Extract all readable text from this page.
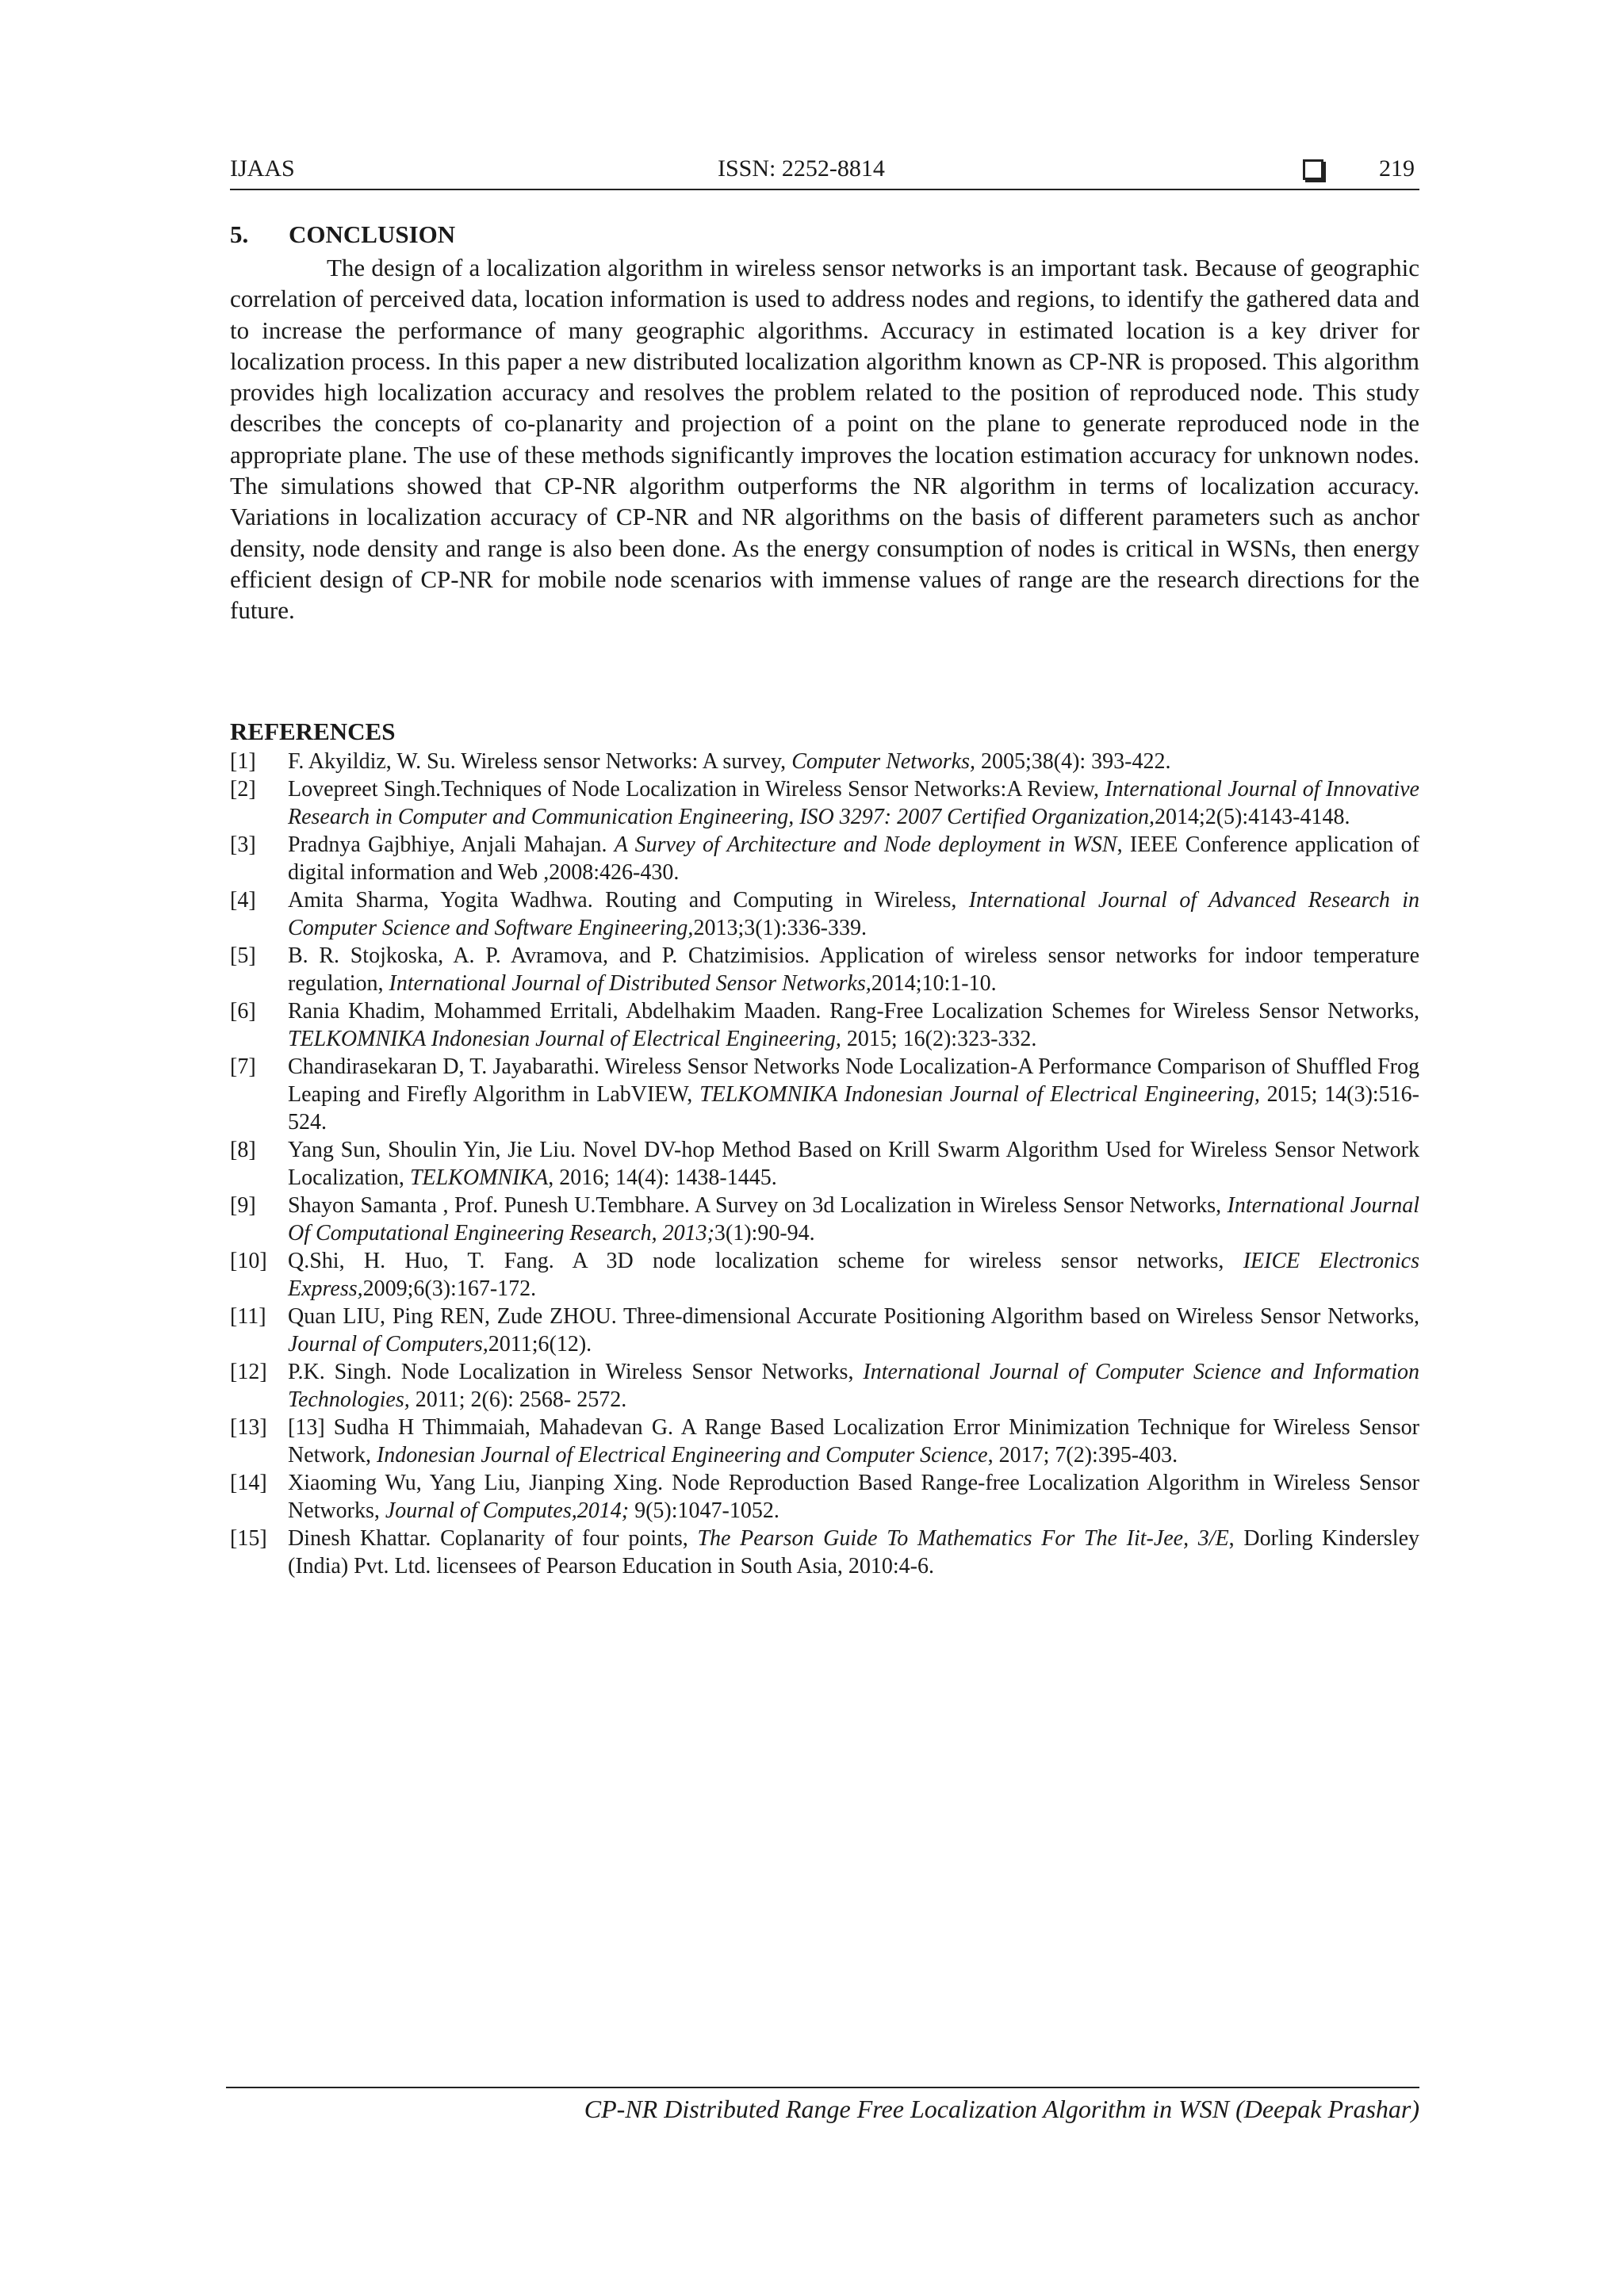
IJAAS	ISSN: 2252-8814	219
5. CONCLUSION

The design of a localization algorithm in wireless sensor networks is an important task. Because of geographic correlation of perceived data, location information is used to address nodes and regions, to identify the gathered data and to increase the performance of many geographic algorithms. Accuracy in estimated location is a key driver for localization process. In this paper a new distributed localization algorithm known as CP-NR is proposed. This algorithm provides high localization accuracy and resolves the problem related to the position of reproduced node. This study describes the concepts of co-planarity and projection of a point on the plane to generate reproduced node in the appropriate plane. The use of these methods significantly improves the location estimation accuracy for unknown nodes. The simulations showed that CP-NR algorithm outperforms the NR algorithm in terms of localization accuracy. Variations in localization accuracy of CP-NR and NR algorithms on the basis of different parameters such as anchor density, node density and range is also been done. As the energy consumption of nodes is critical in WSNs, then energy efficient design of CP-NR for mobile node scenarios with immense values of range are the research directions for the future.

REFERENCES
[1]	F. Akyildiz, W. Su. Wireless sensor Networks: A survey, Computer Networks, 2005;38(4): 393-422.
[2]	Lovepreet Singh.Techniques of Node Localization in Wireless Sensor Networks:A Review, International Journal of Innovative Research in Computer and Communication Engineering, ISO 3297: 2007 Certified Organization,2014;2(5):4143-4148.
[3]	Pradnya Gajbhiye, Anjali Mahajan. A Survey of Architecture and Node deployment in WSN, IEEE Conference application of digital information and Web ,2008:426-430.
[4]	Amita Sharma, Yogita Wadhwa. Routing and Computing in Wireless, International Journal of Advanced Research in Computer Science and Software Engineering,2013;3(1):336-339.
[5]	B. R. Stojkoska, A. P. Avramova, and P. Chatzimisios. Application of wireless sensor networks for indoor temperature regulation, International Journal of Distributed Sensor Networks,2014;10:1-10.
[6]	Rania Khadim, Mohammed Erritali, Abdelhakim Maaden. Rang-Free Localization Schemes for Wireless Sensor Networks, TELKOMNIKA Indonesian Journal of Electrical Engineering, 2015; 16(2):323-332.
[7]	Chandirasekaran D, T. Jayabarathi. Wireless Sensor Networks Node Localization-A Performance Comparison of Shuffled Frog Leaping and Firefly Algorithm in LabVIEW, TELKOMNIKA Indonesian Journal of Electrical Engineering, 2015; 14(3):516-524.
[8]	Yang Sun, Shoulin Yin, Jie Liu. Novel DV-hop Method Based on Krill Swarm Algorithm Used for Wireless Sensor Network Localization, TELKOMNIKA, 2016; 14(4): 1438-1445.
[9]	Shayon Samanta , Prof. Punesh U.Tembhare. A Survey on 3d Localization in Wireless Sensor Networks, International Journal Of Computational Engineering Research, 2013;3(1):90-94.
[10] Q.Shi, H. Huo, T. Fang. A 3D node localization scheme for wireless sensor networks, IEICE Electronics Express,2009;6(3):167-172.
[11] Quan LIU, Ping REN, Zude ZHOU. Three-dimensional Accurate Positioning Algorithm based on Wireless Sensor Networks, Journal of Computers,2011;6(12).
[12] P.K. Singh. Node Localization in Wireless Sensor Networks, International Journal of Computer Science and Information Technologies, 2011; 2(6): 2568- 2572.
[13] [13] Sudha H Thimmaiah, Mahadevan G. A Range Based Localization Error Minimization Technique for Wireless Sensor Network, Indonesian Journal of Electrical Engineering and Computer Science, 2017; 7(2):395-403.
[14] Xiaoming Wu, Yang Liu, Jianping Xing. Node Reproduction Based Range-free Localization Algorithm in Wireless Sensor Networks, Journal of Computes,2014; 9(5):1047-1052.
[15] Dinesh Khattar. Coplanarity of four points, The Pearson Guide To Mathematics For The Iit-Jee, 3/E, Dorling Kindersley (India) Pvt. Ltd. licensees of Pearson Education in South Asia, 2010:4-6.
CP-NR Distributed Range Free Localization Algorithm in WSN (Deepak Prashar)
